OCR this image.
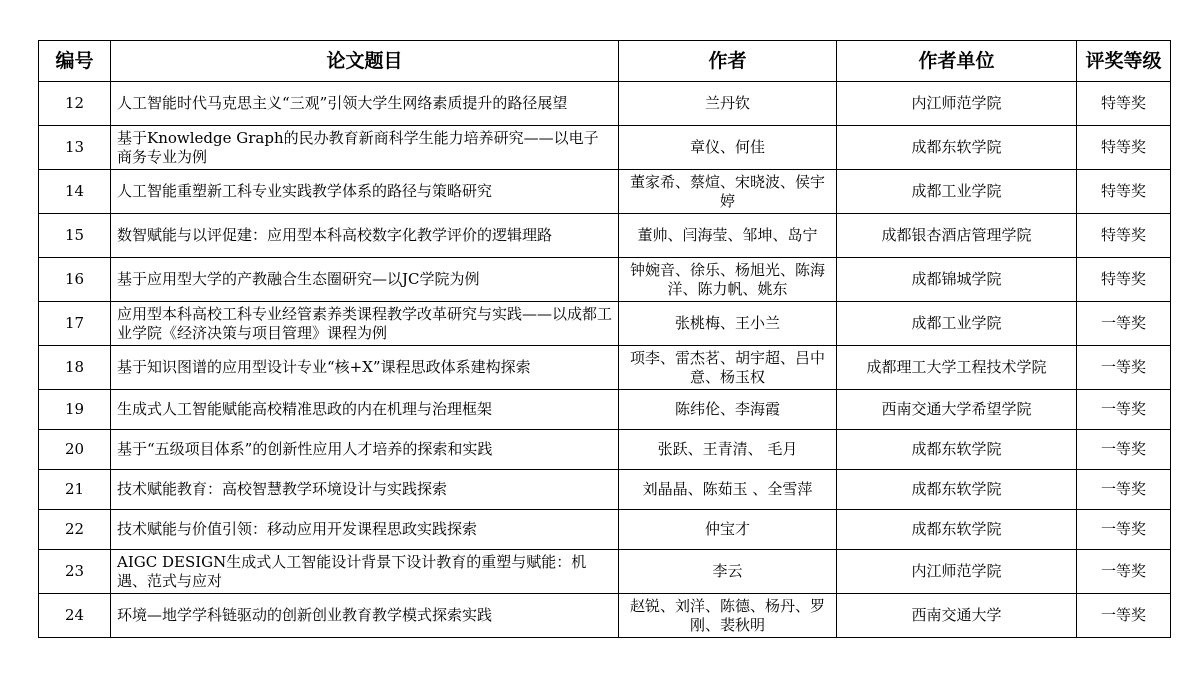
编号	论文题目	作者	作者单位	评奖等级
12	人工智能时代马克思主义“三观”引领大学生网络素质提升的路径展望	兰丹钦	内江师范学院	特等奖
13	基于Knowledge Graph的民办教育新商科学生能力培养研究——以电子商务专业为例	章仪、何佳	成都东软学院	特等奖
14	人工智能重塑新工科专业实践教学体系的路径与策略研究	董家希、蔡煊、宋晓波、侯宇婷	成都工业学院	特等奖
15	数智赋能与以评促建：应用型本科高校数字化教学评价的逻辑理路	董帅、闫海莹、邹坤、岛宁	成都银杏酒店管理学院	特等奖
16	基于应用型大学的产教融合生态圈研究—以JC学院为例	钟婉音、徐乐、杨旭光、陈海洋、陈力帆、姚东	成都锦城学院	特等奖
17	应用型本科高校工科专业经管素养类课程教学改革研究与实践——以成都工业学院《经济决策与项目管理》课程为例	张桃梅、王小兰	成都工业学院	一等奖
18	基于知识图谱的应用型设计专业“核+X”课程思政体系建构探索	项李、雷杰茗、胡宇超、吕中意、杨玉权	成都理工大学工程技术学院	一等奖
19	生成式人工智能赋能高校精准思政的内在机理与治理框架	陈纬伦、李海霞	西南交通大学希望学院	一等奖
20	基于“五级项目体系”的创新性应用人才培养的探索和实践	张跃、王青清、 毛月	成都东软学院	一等奖
21	技术赋能教育：高校智慧教学环境设计与实践探索	刘晶晶、陈茹玉 、全雪萍	成都东软学院	一等奖
22	技术赋能与价值引领：移动应用开发课程思政实践探索	仲宝才	成都东软学院	一等奖
23	AIGC DESIGN生成式人工智能设计背景下设计教育的重塑与赋能：机遇、范式与应对	李云	内江师范学院	一等奖
24	环境—地学学科链驱动的创新创业教育教学模式探索实践	赵锐、刘洋、陈德、杨丹、罗刚、裴秋明	西南交通大学	一等奖
